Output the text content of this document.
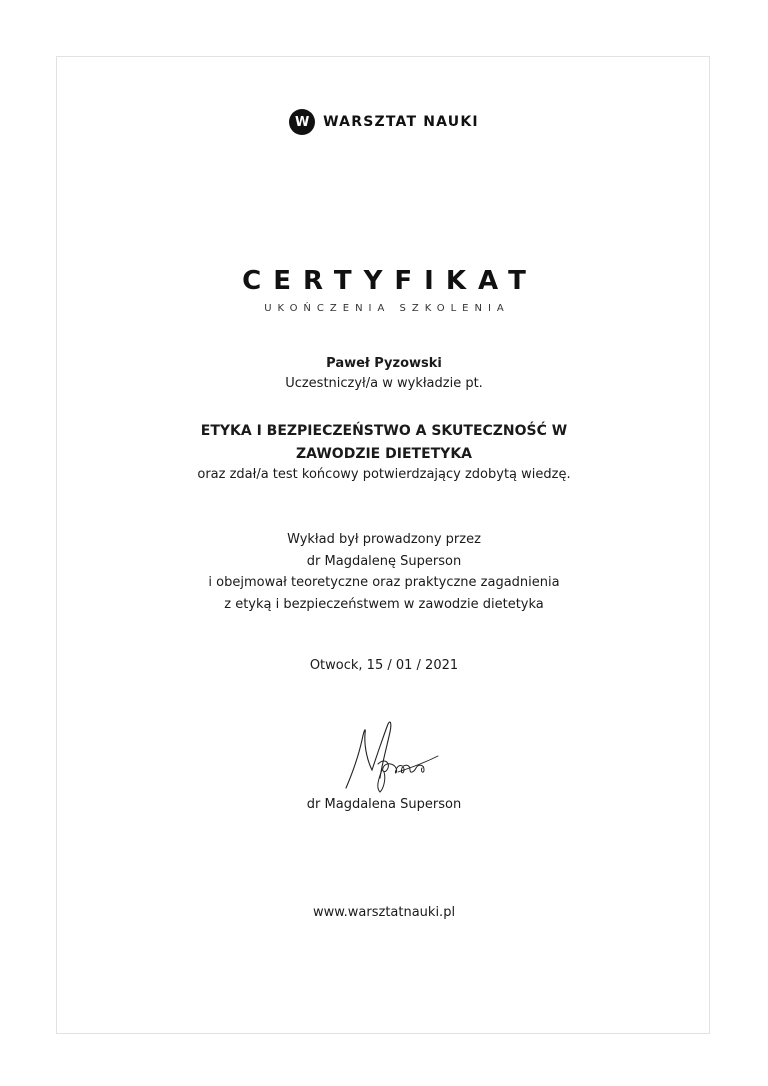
W WARSZTAT NAUKI
CERTYFIKAT
UKOŃCZENIA SZKOLENIA
Paweł Pyzowski
Uczestniczył/a w wykładzie pt.
ETYKA I BEZPIECZEŃSTWO A SKUTECZNOŚĆ W
ZAWODZIE DIETETYKA
oraz zdał/a test końcowy potwierdzający zdobytą wiedzę.
Wykład był prowadzony przez
dr Magdalenę Superson
i obejmował teoretyczne oraz praktyczne zagadnienia
z etyką i bezpieczeństwem w zawodzie dietetyka
Otwock, 15 / 01 / 2021
dr Magdalena Superson
www.warsztatnauki.pl
